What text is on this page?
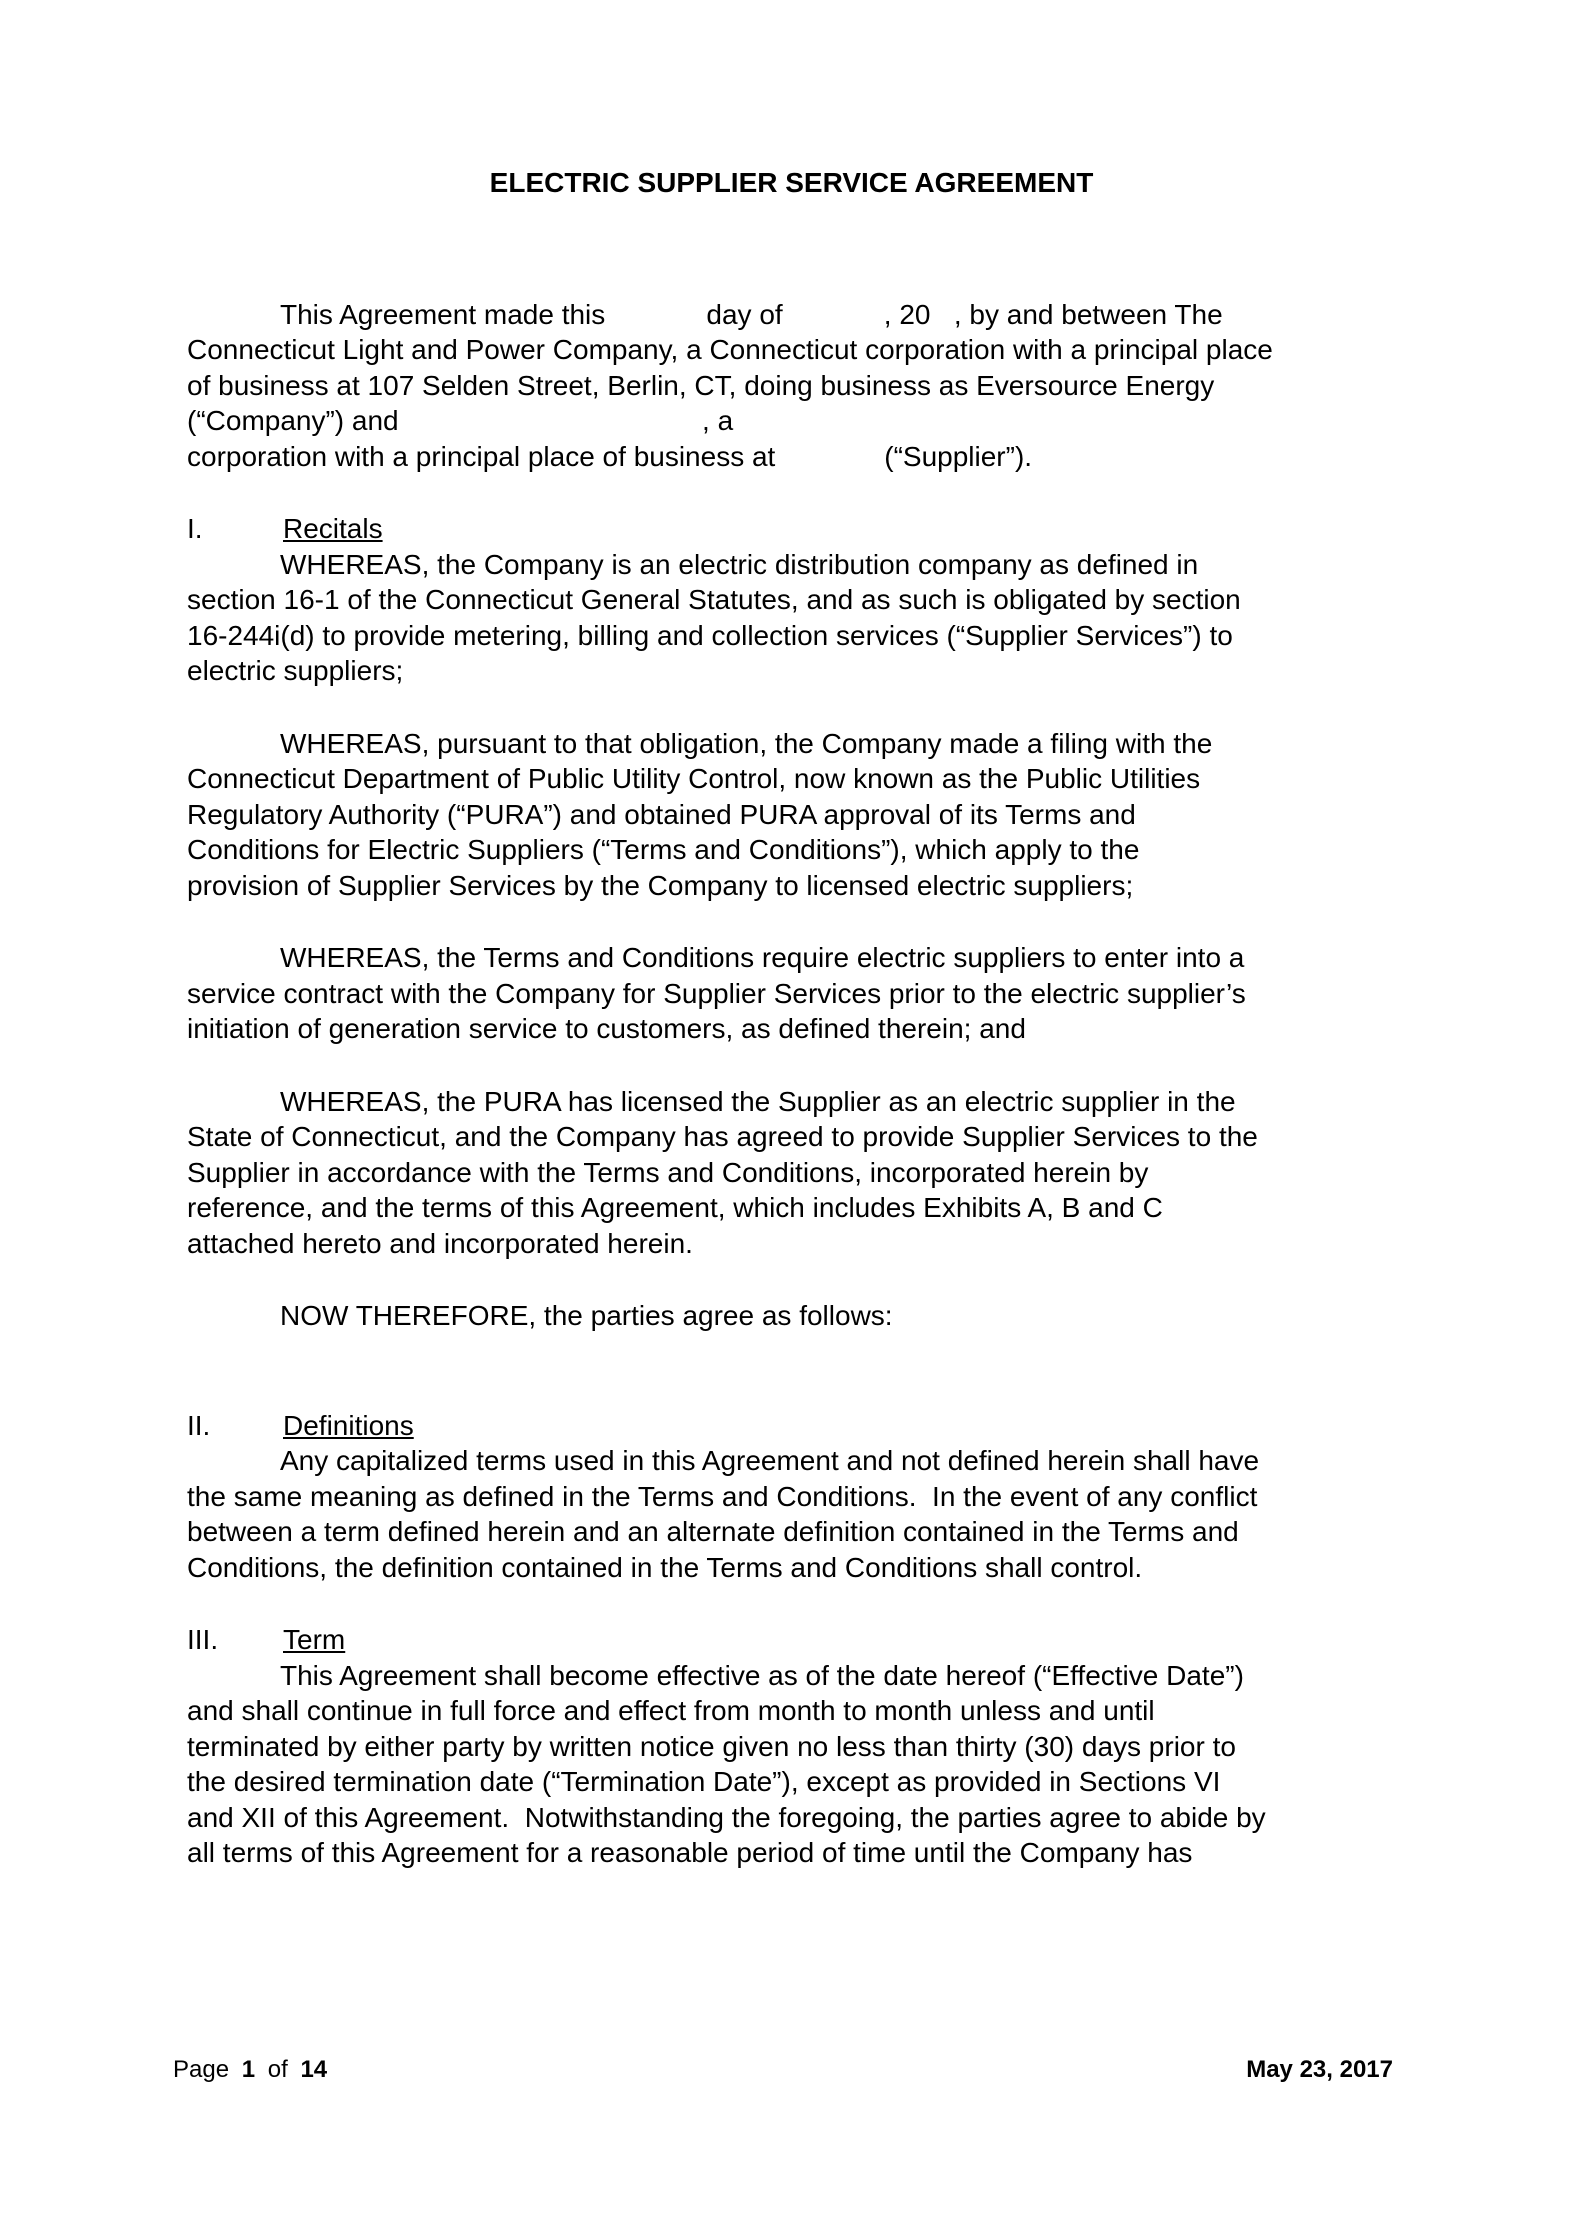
ELECTRIC SUPPLIER SERVICE AGREEMENT
This Agreement made this             day of             , 20   , by and between The
Connecticut Light and Power Company, a Connecticut corporation with a principal place
of business at 107 Selden Street, Berlin, CT, doing business as Eversource Energy
(“Company”) and                                       , a
corporation with a principal place of business at              (“Supplier”).
I.	Recitals
WHEREAS, the Company is an electric distribution company as defined in
section 16-1 of the Connecticut General Statutes, and as such is obligated by section
16-244i(d) to provide metering, billing and collection services (“Supplier Services”) to
electric suppliers;
WHEREAS, pursuant to that obligation, the Company made a filing with the
Connecticut Department of Public Utility Control, now known as the Public Utilities
Regulatory Authority (“PURA”) and obtained PURA approval of its Terms and
Conditions for Electric Suppliers (“Terms and Conditions”), which apply to the
provision of Supplier Services by the Company to licensed electric suppliers;
WHEREAS, the Terms and Conditions require electric suppliers to enter into a
service contract with the Company for Supplier Services prior to the electric supplier’s
initiation of generation service to customers, as defined therein; and
WHEREAS, the PURA has licensed the Supplier as an electric supplier in the
State of Connecticut, and the Company has agreed to provide Supplier Services to the
Supplier in accordance with the Terms and Conditions, incorporated herein by
reference, and the terms of this Agreement, which includes Exhibits A, B and C
attached hereto and incorporated herein.
NOW THEREFORE, the parties agree as follows:
II.	Definitions
Any capitalized terms used in this Agreement and not defined herein shall have
the same meaning as defined in the Terms and Conditions.  In the event of any conflict
between a term defined herein and an alternate definition contained in the Terms and
Conditions, the definition contained in the Terms and Conditions shall control.
III. Term
This Agreement shall become effective as of the date hereof (“Effective Date”)
and shall continue in full force and effect from month to month unless and until
terminated by either party by written notice given no less than thirty (30) days prior to
the desired termination date (“Termination Date”), except as provided in Sections VI
and XII of this Agreement.  Notwithstanding the foregoing, the parties agree to abide by
all terms of this Agreement for a reasonable period of time until the Company has
Page 1 of 14	May 23, 2017
